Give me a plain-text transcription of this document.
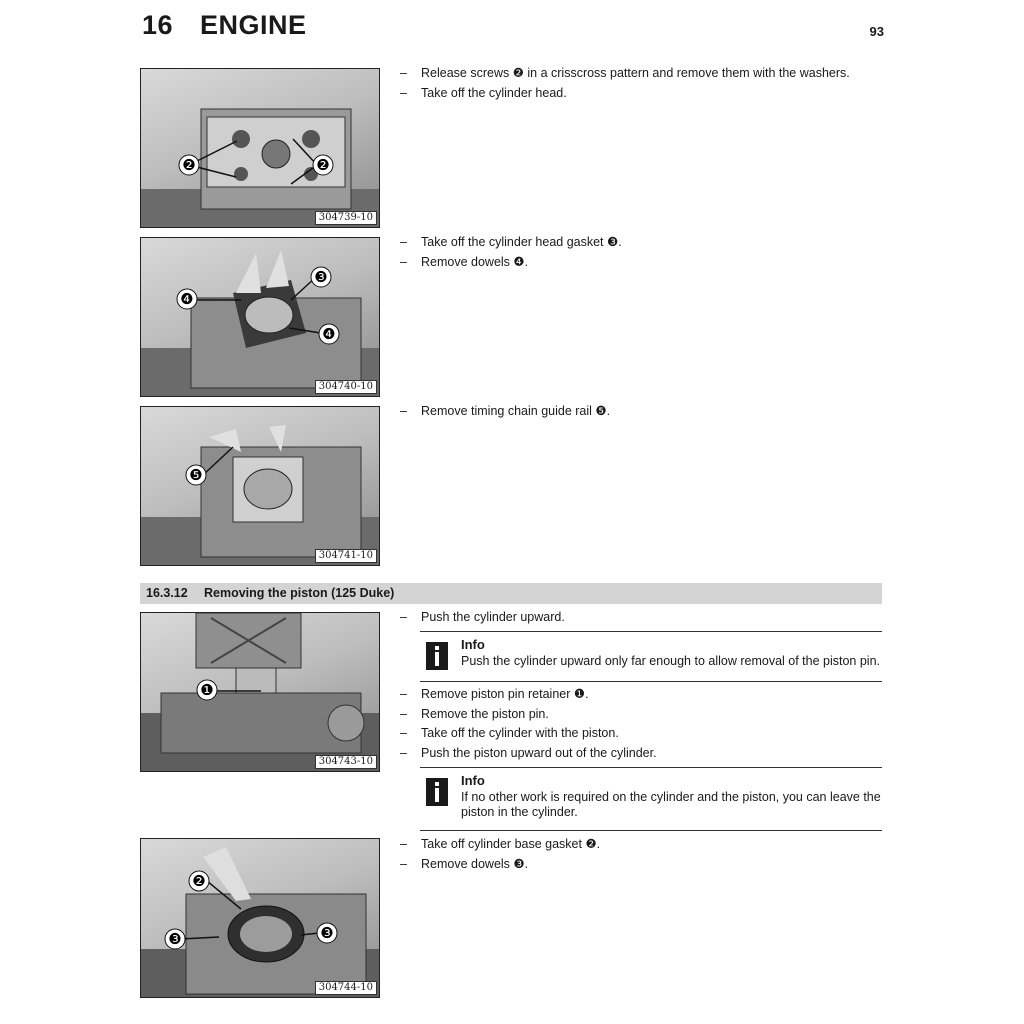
16 ENGINE	93
❷	❷
304739-10
❹
❸
❹
304740-10
❺
304741-10
❶
304743-10
❷
❸	❸
304744-10
– Release screws ❷ in a crisscross pattern and remove them with the washers.
– Take off the cylinder head.
– Take off the cylinder head gasket ❸.
– Remove dowels ❹.
– Remove timing chain guide rail ❺.
16.3.12 Removing the piston (125 Duke)
– Push the cylinder upward.
Info
Push the cylinder upward only far enough to allow removal of the piston pin.
– Remove piston pin retainer ❶.
– Remove the piston pin.
– Take off the cylinder with the piston.
– Push the piston upward out of the cylinder.
Info
If no other work is required on the cylinder and the piston, you can leave the piston in the cylinder.
– Take off cylinder base gasket ❷.
– Remove dowels ❸.
